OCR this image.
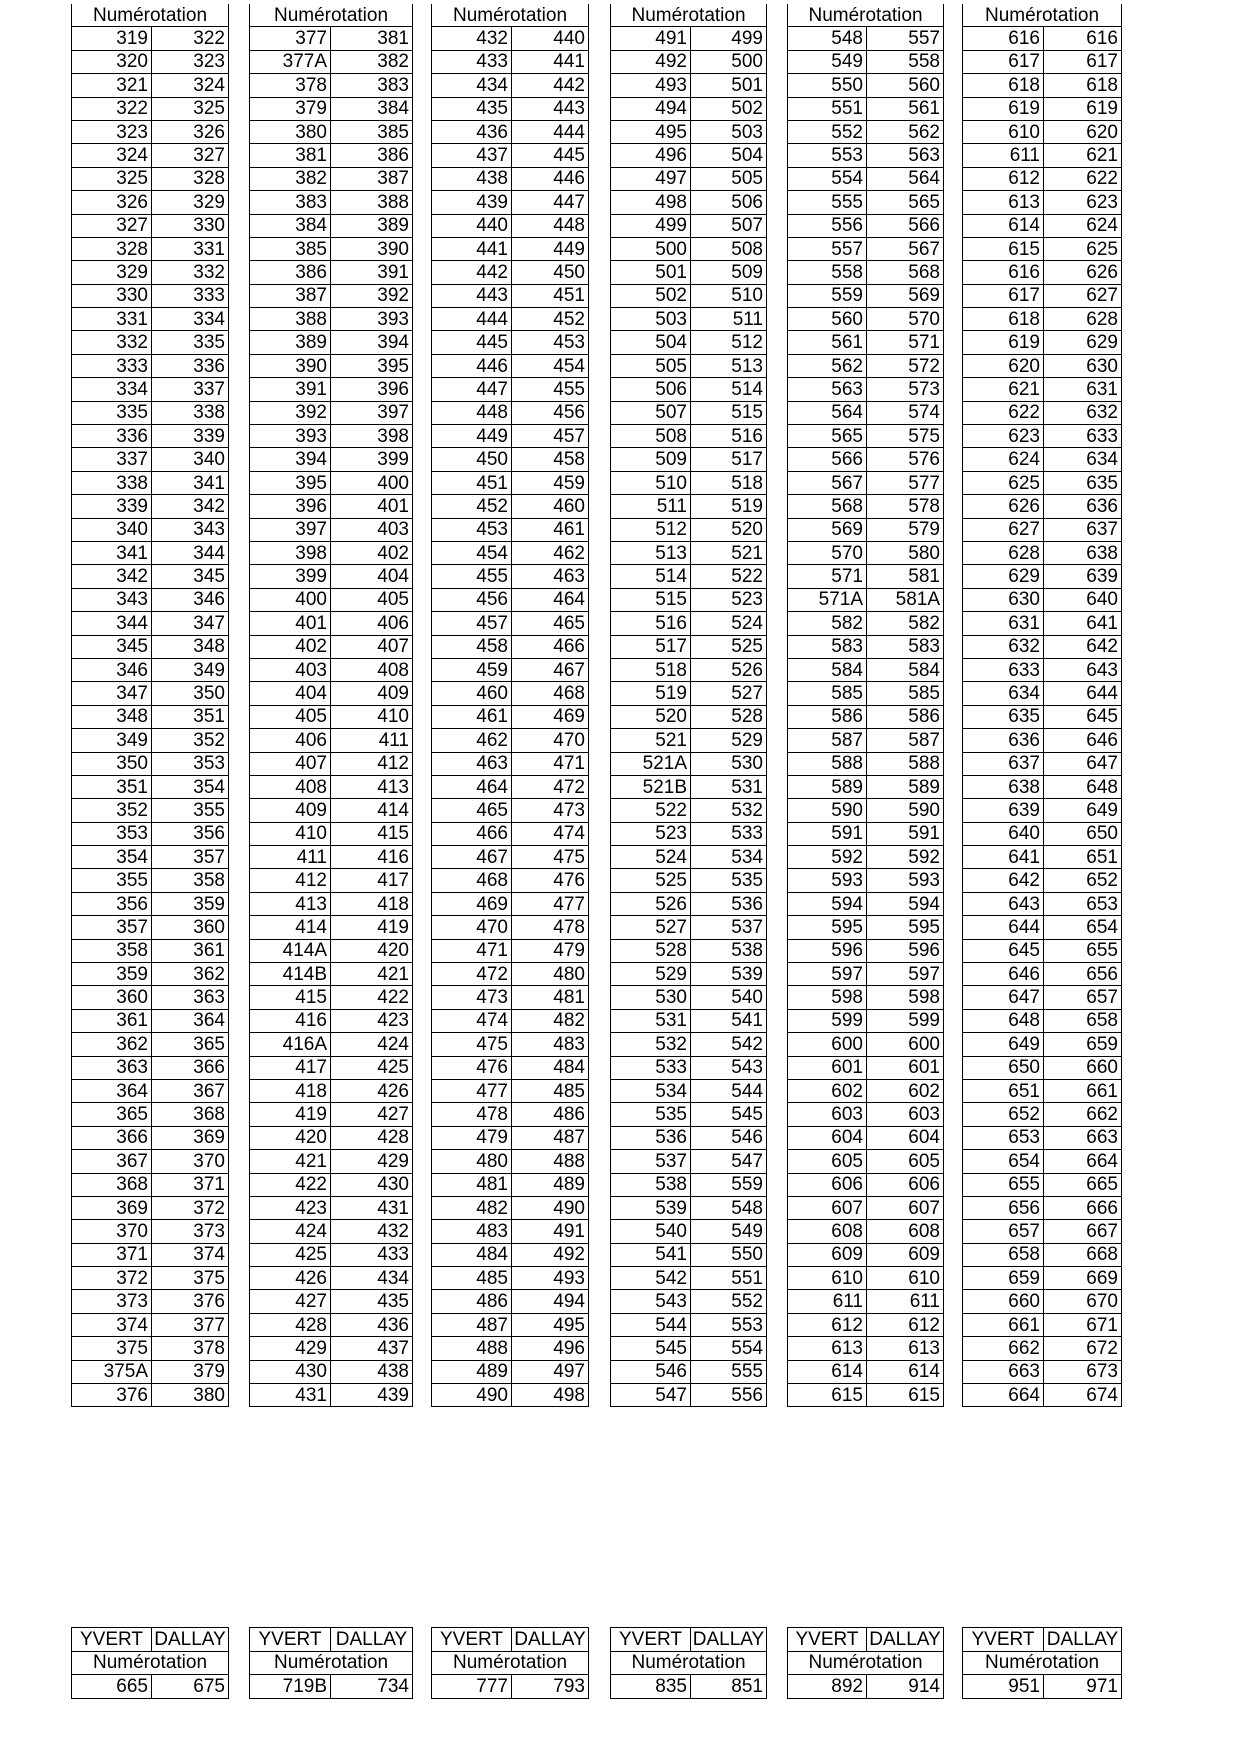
Numérotation	
319	322
320	323
321	324
322	325
323	326
324	327
325	328
326	329
327	330
328	331
329	332
330	333
331	334
332	335
333	336
334	337
335	338
336	339
337	340
338	341
339	342
340	343
341	344
342	345
343	346
344	347
345	348
346	349
347	350
348	351
349	352
350	353
351	354
352	355
353	356
354	357
355	358
356	359
357	360
358	361
359	362
360	363
361	364
362	365
363	366
364	367
365	368
366	369
367	370
368	371
369	372
370	373
371	374
372	375
373	376
374	377
375	378
375A	379
376	380
Numérotation	
377	381
377A	382
378	383
379	384
380	385
381	386
382	387
383	388
384	389
385	390
386	391
387	392
388	393
389	394
390	395
391	396
392	397
393	398
394	399
395	400
396	401
397	403
398	402
399	404
400	405
401	406
402	407
403	408
404	409
405	410
406	411
407	412
408	413
409	414
410	415
411	416
412	417
413	418
414	419
414A	420
414B	421
415	422
416	423
416A	424
417	425
418	426
419	427
420	428
421	429
422	430
423	431
424	432
425	433
426	434
427	435
428	436
429	437
430	438
431	439
Numérotation	
432	440
433	441
434	442
435	443
436	444
437	445
438	446
439	447
440	448
441	449
442	450
443	451
444	452
445	453
446	454
447	455
448	456
449	457
450	458
451	459
452	460
453	461
454	462
455	463
456	464
457	465
458	466
459	467
460	468
461	469
462	470
463	471
464	472
465	473
466	474
467	475
468	476
469	477
470	478
471	479
472	480
473	481
474	482
475	483
476	484
477	485
478	486
479	487
480	488
481	489
482	490
483	491
484	492
485	493
486	494
487	495
488	496
489	497
490	498
Numérotation	
491	499
492	500
493	501
494	502
495	503
496	504
497	505
498	506
499	507
500	508
501	509
502	510
503	511
504	512
505	513
506	514
507	515
508	516
509	517
510	518
511	519
512	520
513	521
514	522
515	523
516	524
517	525
518	526
519	527
520	528
521	529
521A	530
521B	531
522	532
523	533
524	534
525	535
526	536
527	537
528	538
529	539
530	540
531	541
532	542
533	543
534	544
535	545
536	546
537	547
538	559
539	548
540	549
541	550
542	551
543	552
544	553
545	554
546	555
547	556
Numérotation	
548	557
549	558
550	560
551	561
552	562
553	563
554	564
555	565
556	566
557	567
558	568
559	569
560	570
561	571
562	572
563	573
564	574
565	575
566	576
567	577
568	578
569	579
570	580
571	581
571A	581A
582	582
583	583
584	584
585	585
586	586
587	587
588	588
589	589
590	590
591	591
592	592
593	593
594	594
595	595
596	596
597	597
598	598
599	599
600	600
601	601
602	602
603	603
604	604
605	605
606	606
607	607
608	608
609	609
610	610
611	611
612	612
613	613
614	614
615	615
Numérotation	
616	616
617	617
618	618
619	619
610	620
611	621
612	622
613	623
614	624
615	625
616	626
617	627
618	628
619	629
620	630
621	631
622	632
623	633
624	634
625	635
626	636
627	637
628	638
629	639
630	640
631	641
632	642
633	643
634	644
635	645
636	646
637	647
638	648
639	649
640	650
641	651
642	652
643	653
644	654
645	655
646	656
647	657
648	658
649	659
650	660
651	661
652	662
653	663
654	664
655	665
656	666
657	667
658	668
659	669
660	670
661	671
662	672
663	673
664	674
YVERT	DALLAY
Numérotation	
665	675
YVERT	DALLAY
Numérotation	
719B	734
YVERT	DALLAY
Numérotation	
777	793
YVERT	DALLAY
Numérotation	
835	851
YVERT	DALLAY
Numérotation	
892	914
YVERT	DALLAY
Numérotation	
951	971
